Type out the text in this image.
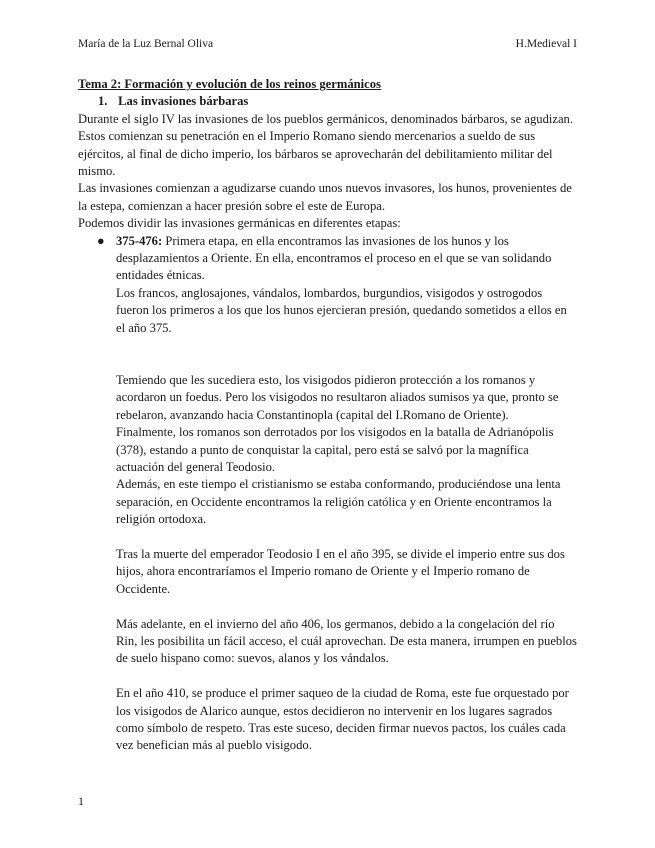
María de la Luz Bernal Oliva	H.Medieval I

Tema 2: Formación y evolución de los reinos germánicos

1. Las invasiones bárbaras

Durante el siglo IV las invasiones de los pueblos germánicos, denominados bárbaros, se agudizan. Estos comienzan su penetración en el Imperio Romano siendo mercenarios a sueldo de sus ejércitos, al final de dicho imperio, los bárbaros se aprovecharán del debilitamiento militar del mismo.

Las invasiones comienzan a agudizarse cuando unos nuevos invasores, los hunos, provenientes de la estepa, comienzan a hacer presión sobre el este de Europa.

Podemos dividir las invasiones germánicas en diferentes etapas:

● 375-476: Primera etapa, en ella encontramos las invasiones de los hunos y los desplazamientos a Oriente. En ella, encontramos el proceso en el que se van solidando entidades étnicas.

Los francos, anglosajones, vándalos, lombardos, burgundios, visigodos y ostrogodos fueron los primeros a los que los hunos ejercieran presión, quedando sometidos a ellos en el año 375.

Temiendo que les sucediera esto, los visigodos pidieron protección a los romanos y acordaron un foedus. Pero los visigodos no resultaron aliados sumisos ya que, pronto se rebelaron, avanzando hacia Constantinopla (capital del I.Romano de Oriente).

Finalmente, los romanos son derrotados por los visigodos en la batalla de Adrianópolis (378), estando a punto de conquistar la capital, pero está se salvó por la magnífica actuación del general Teodosio.

Además, en este tiempo el cristianismo se estaba conformando, produciéndose una lenta separación, en Occidente encontramos la religión católica y en Oriente encontramos la religión ortodoxa.

Tras la muerte del emperador Teodosio I en el año 395, se divide el imperio entre sus dos hijos, ahora encontraríamos el Imperio romano de Oriente y el Imperio romano de Occidente.

Más adelante, en el invierno del año 406, los germanos, debido a la congelación del río Rin, les posibilita un fácil acceso, el cuál aprovechan. De esta manera, irrumpen en pueblos de suelo hispano como: suevos, alanos y los vándalos.

En el año 410, se produce el primer saqueo de la ciudad de Roma, este fue orquestado por los visigodos de Alarico aunque, estos decidieron no intervenir en los lugares sagrados como símbolo de respeto. Tras este suceso, deciden firmar nuevos pactos, los cuáles cada vez benefician más al pueblo visigodo.

1
